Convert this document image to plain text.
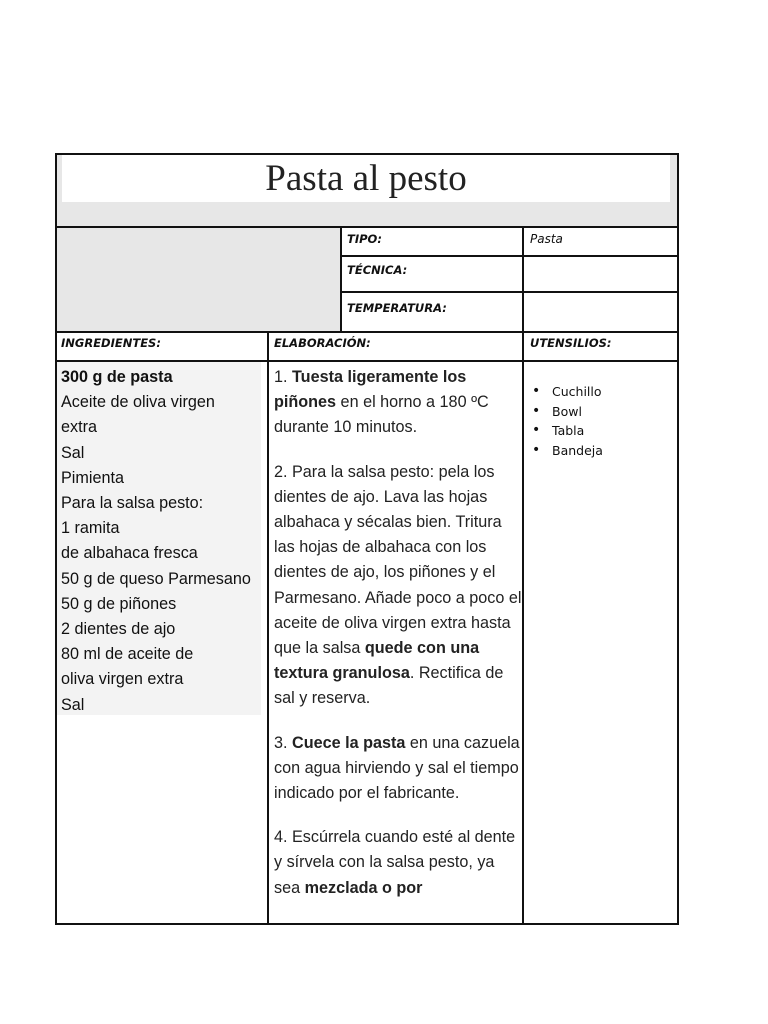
Pasta al pesto
TIPO:	Pasta
TÉCNICA:
TEMPERATURA:
INGREDIENTES:	ELABORACIÓN:	UTENSILIOS:
300 g de pasta
Aceite de oliva virgen
extra
Sal
Pimienta
Para la salsa pesto:
1 ramita
de albahaca fresca
50 g de queso Parmesano
50 g de piñones
2 dientes de ajo
80 ml de aceite de
oliva virgen extra
Sal

1. Tuesta ligeramente los piñones en el horno a 180 ºC durante 10 minutos.

2. Para la salsa pesto: pela los dientes de ajo. Lava las hojas albahaca y sécalas bien. Tritura las hojas de albahaca con los dientes de ajo, los piñones y el Parmesano. Añade poco a poco el aceite de oliva virgen extra hasta que la salsa quede con una textura granulosa. Rectifica de sal y reserva.

3. Cuece la pasta en una cazuela con agua hirviendo y sal el tiempo indicado por el fabricante.

4. Escúrrela cuando esté al dente y sírvela con la salsa pesto, ya sea mezclada o por

• Cuchillo
• Bowl
• Tabla
• Bandeja
